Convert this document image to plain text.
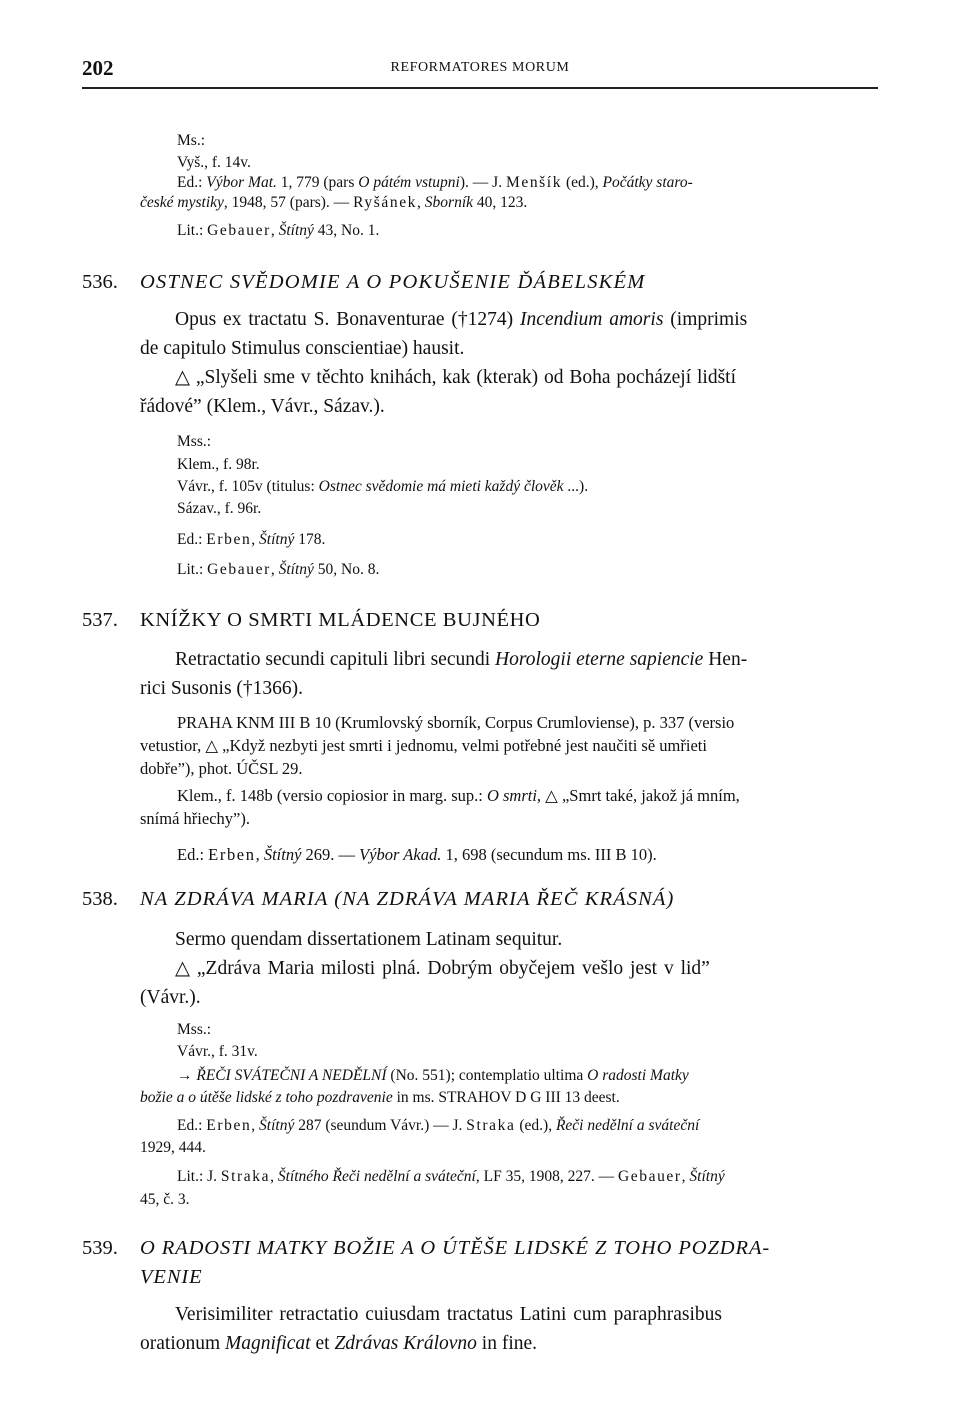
202	REFORMATORES MORUM
Ms.:
Vyš., f. 14v.
Ed.: Výbor Mat. 1, 779 (pars O pátém vstupni). — J. Menšík (ed.), Počátky staro-
české mystiky, 1948, 57 (pars). — Ryšánek, Sborník 40, 123.
Lit.: Gebauer, Štítný 43, No. 1.
536. OSTNEC SVĚDOMIE A O POKUŠENIE ĎÁBELSKÉM
Opus ex tractatu S. Bonaventurae (†1274) Incendium amoris (imprimis
de capitulo Stimulus conscientiae) hausit.
△ „Slyšeli sme v těchto knihách, kak (kterak) od Boha pocházejí lidští
řádové” (Klem., Vávr., Sázav.).
Mss.:
Klem., f. 98r.
Vávr., f. 105v (titulus: Ostnec svědomie má mieti každý člověk ...).
Sázav., f. 96r.
Ed.: Erben, Štítný 178.
Lit.: Gebauer, Štítný 50, No. 8.
537. KNÍŽKY O SMRTI MLÁDENCE BUJNÉHO
Retractatio secundi capituli libri secundi Horologii eterne sapiencie Hen-
rici Susonis (†1366).
PRAHA KNM III B 10 (Krumlovský sborník, Corpus Crumloviense), p. 337 (versio
vetustior, △ „Když nezbyti jest smrti i jednomu, velmi potřebné jest naučiti sě umřieti
dobře”), phot. ÚČSL 29.
Klem., f. 148b (versio copiosior in marg. sup.: O smrti, △ „Smrt také, jakož já mním,
snímá hřiechy”).
Ed.: Erben, Štítný 269. — Výbor Akad. 1, 698 (secundum ms. III B 10).
538. NA ZDRÁVA MARIA (NA ZDRÁVA MARIA ŘEČ KRÁSNÁ)
Sermo quendam dissertationem Latinam sequitur.
△ „Zdráva Maria milosti plná. Dobrým obyčejem vešlo jest v lid”
(Vávr.).
Mss.:
Vávr., f. 31v.
→ ŘEČI SVÁTEČNI A NEDĚLNÍ (No. 551); contemplatio ultima O radosti Matky
božie a o útěše lidské z toho pozdravenie in ms. STRAHOV D G III 13 deest.
Ed.: Erben, Štítný 287 (seundum Vávr.) — J. Straka (ed.), Řeči nedělní a sváteční
1929, 444.
Lit.: J. Straka, Štítného Řeči nedělní a sváteční, LF 35, 1908, 227. — Gebauer, Štítný
45, č. 3.
539. O RADOSTI MATKY BOŽIE A O ÚTĚŠE LIDSKÉ Z TOHO POZDRA-
VENIE
Verisimiliter retractatio cuiusdam tractatus Latini cum paraphrasibus
orationum Magnificat et Zdrávas Královno in fine.
